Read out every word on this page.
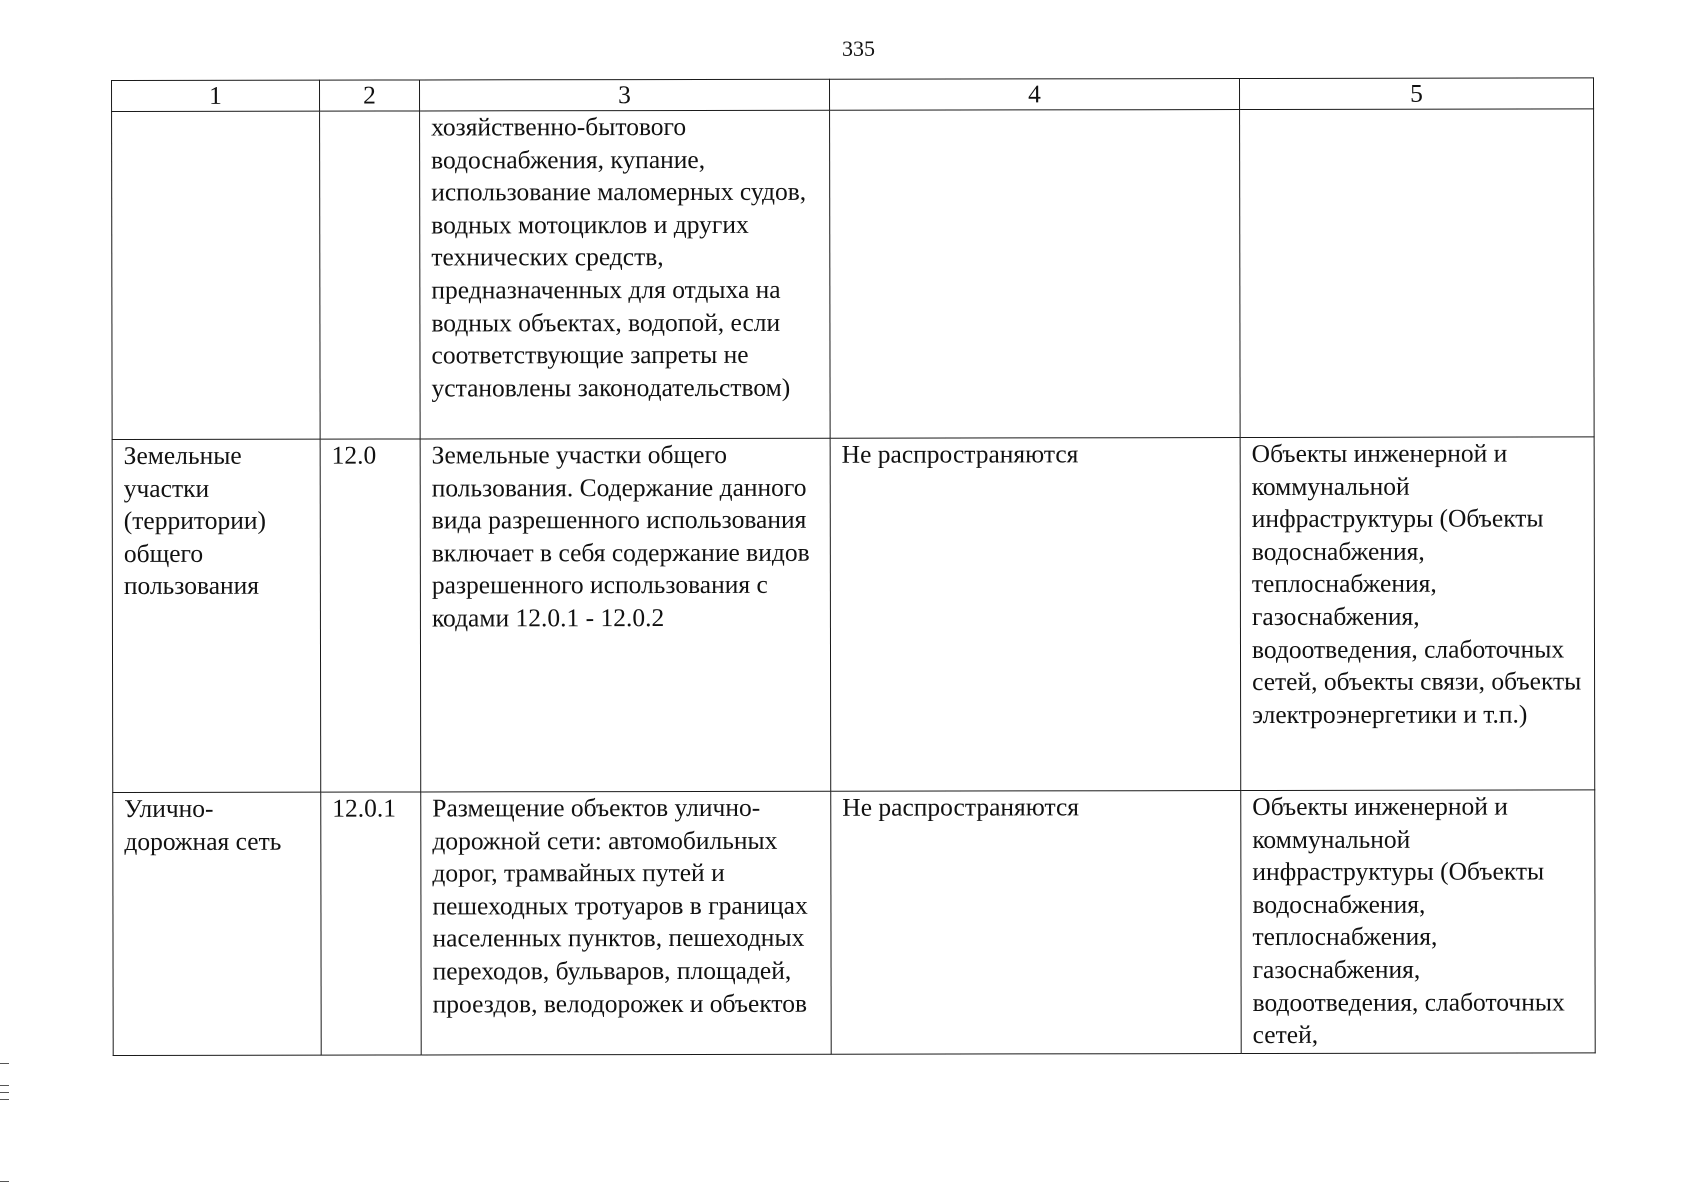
335
1	2	3	4	5
		хозяйственно-бытового водоснабжения, купание, использование маломерных судов, водных мотоциклов и других технических средств, предназначенных для отдыха на водных объектах, водопой, если соответствующие запреты не установлены законодательством)		
Земельные участки (территории) общего пользования	12.0	Земельные участки общего пользования. Содержание данного вида разрешенного использования включает в себя содержание видов разрешенного использования с кодами 12.0.1 - 12.0.2	Не распространяются	Объекты инженерной и коммунальной инфраструктуры (Объекты водоснабжения, теплоснабжения, газоснабжения, водоотведения, слаботочных сетей, объекты связи, объекты электроэнергетики и т.п.)
Улично-дорожная сеть	12.0.1	Размещение объектов улично-дорожной сети: автомобильных дорог, трамвайных путей и пешеходных тротуаров в границах населенных пунктов, пешеходных переходов, бульваров, площадей, проездов, велодорожек и объектов	Не распространяются	Объекты инженерной и коммунальной инфраструктуры (Объекты водоснабжения, теплоснабжения, газоснабжения, водоотведения, слаботочных сетей,
